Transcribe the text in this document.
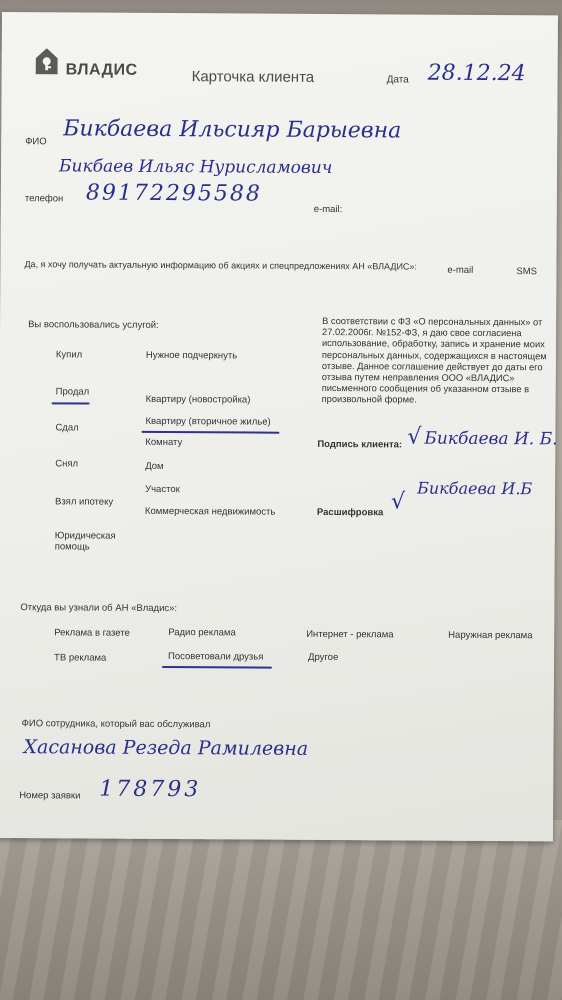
ВЛАДИС	Карточка клиента	Дата 28.12.24
ФИО Бикбаева Ильсияр Барыевна
Бикбаев Ильяс Нурисламович
телефон 89172295588
e-mail:
Да, я хочу получать актуальную информацию об акциях и спецпредложениях АН «ВЛАДИС»:	e-mail	SMS
Вы воспользовались услугой:
Нужное подчеркнуть
Купил
Продал
Сдал
Снял
Взял ипотеку
Юридическая помощь
Квартиру (новостройка)
Квартиру (вторичное жилье)
Комнату
Дом
Участок
Коммерческая недвижимость
В соответствии с ФЗ «О персональных данных» от 27.02.2006г. №152-ФЗ, я даю свое согласиена использование, обработку, запись и хранение моих персональных данных, содержащихся в настоящем отзыве. Данное соглашение действует до даты его отзыва путем неправления ООО «ВЛАДИС» письменного сообщения об указанном отзыве в произвольной форме.
Подпись клиента: √ Бикбаева И. Б.
Расшифровка √
Бикбаева И.Б
Откуда вы узнали об АН «Владис»:
Реклама в газете	Радио реклама	Интернет - реклама	Наружная реклама
ТВ реклама	Посоветовали друзья	Другое
ФИО сотрудника, который вас обслуживал
Хасанова Резеда Рамилевна
Номер заявки 178793
